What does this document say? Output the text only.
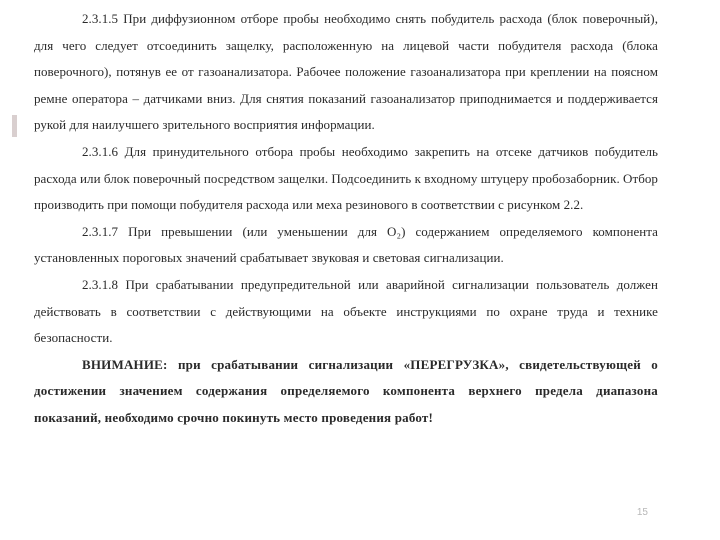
2.3.1.5 При диффузионном отборе пробы необходимо снять побудитель расхода (блок поверочный), для чего следует отсоединить защелку, расположенную на лицевой части побудителя расхода (блока поверочного), потянув ее от газоанализатора. Рабочее положение газоанализатора при креплении на поясном ремне оператора – датчиками вниз. Для снятия показаний газоанализатор приподнимается и поддерживается рукой для наилучшего зрительного восприятия информации.

2.3.1.6 Для принудительного отбора пробы необходимо закрепить на отсеке датчиков побудитель расхода или блок поверочный посредством защелки. Подсоединить к входному штуцеру пробозаборник. Отбор производить при помощи побудителя расхода или меха резинового в соответствии с рисунком 2.2.

2.3.1.7 При превышении (или уменьшении для O₂) содержанием определяемого компонента установленных пороговых значений срабатывает звуковая и световая сигнализации.

2.3.1.8 При срабатывании предупредительной или аварийной сигнализации пользователь должен действовать в соответствии с действующими на объекте инструкциями по охране труда и технике безопасности.

ВНИМАНИЕ: при срабатывании сигнализации «ПЕРЕГРУЗКА», свидетельствующей о достижении значением содержания определяемого компонента верхнего предела диапазона показаний, необходимо срочно покинуть место проведения работ!

15
